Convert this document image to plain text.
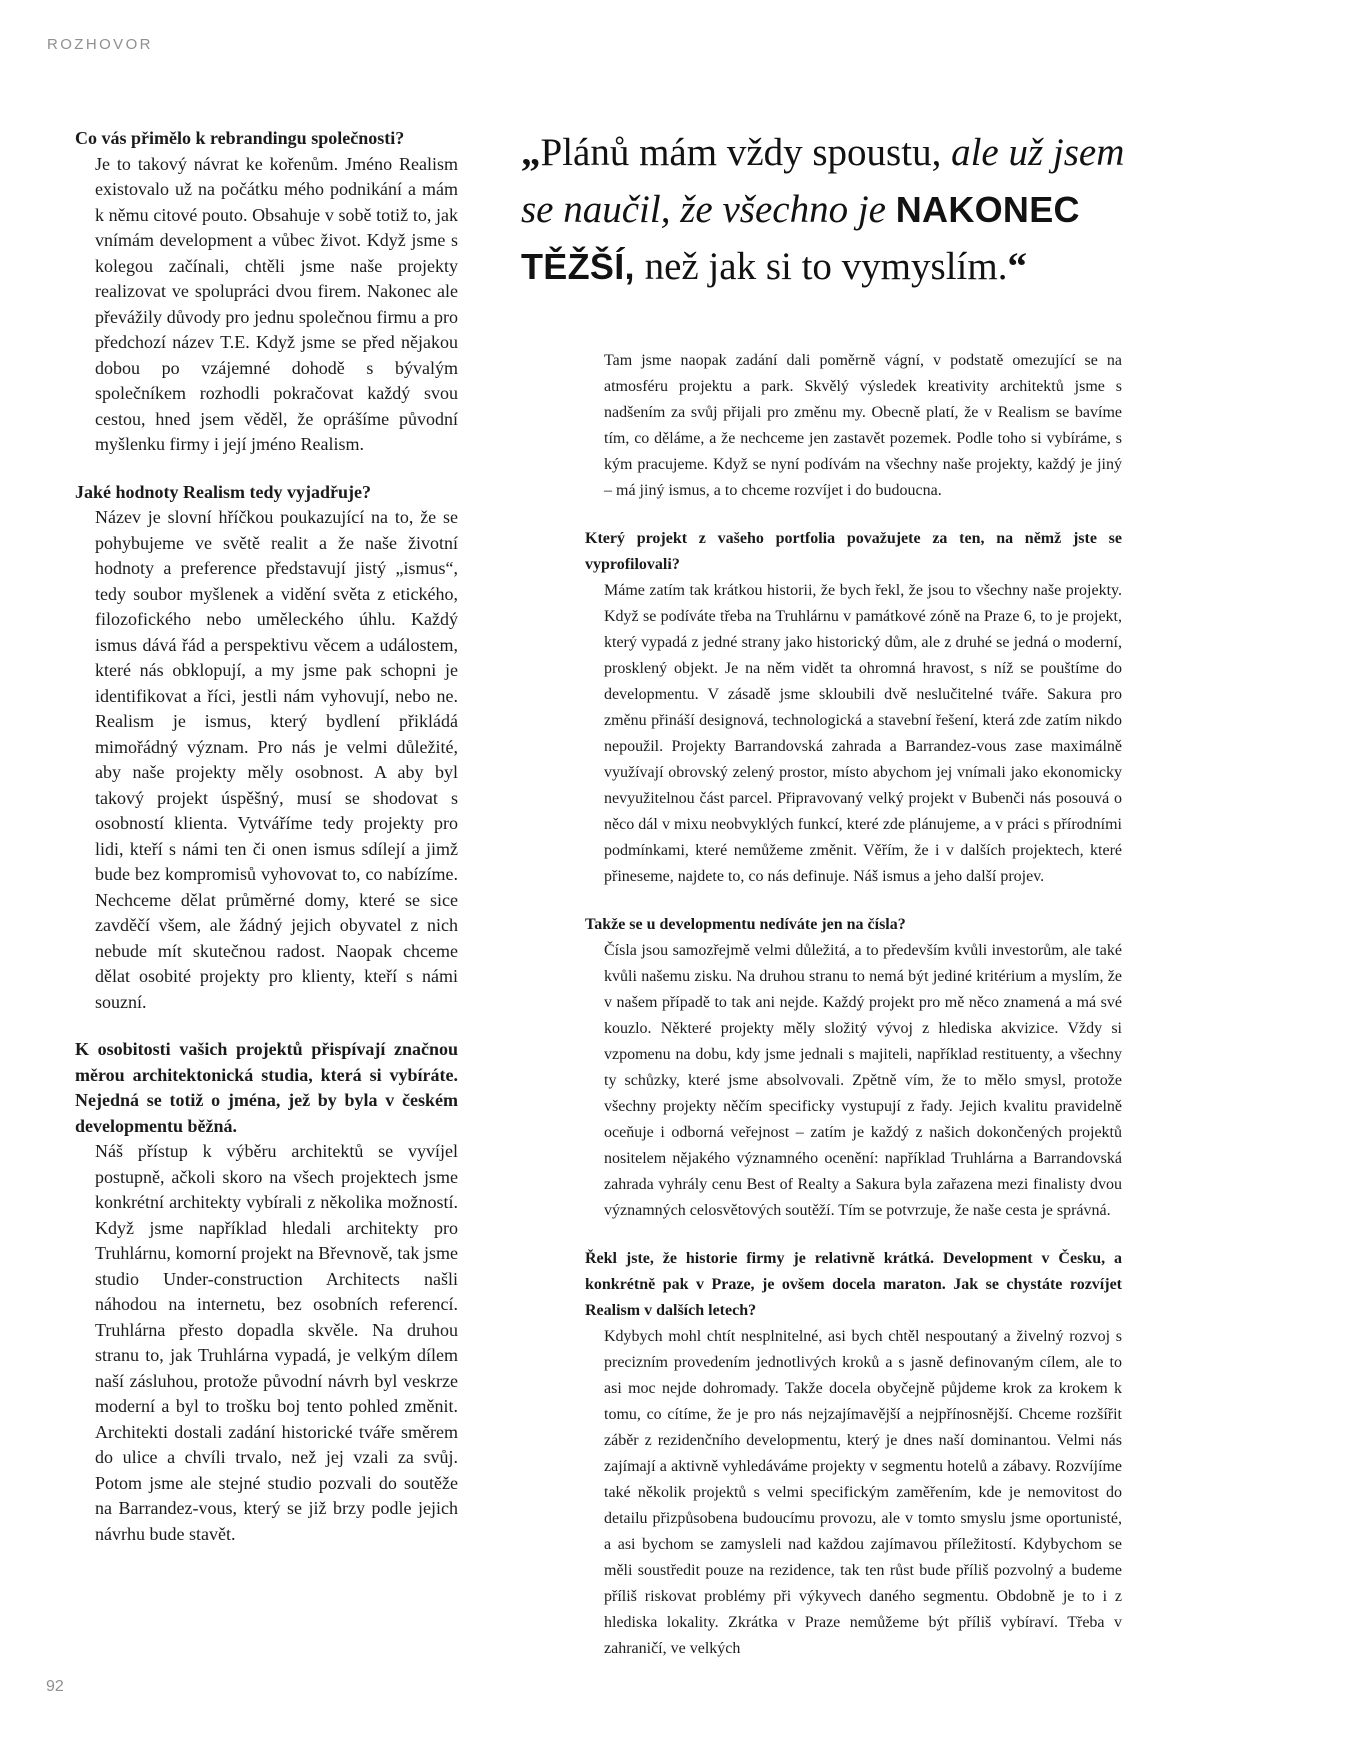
ROZHOVOR
„Plánů mám vždy spoustu, ale už jsem
se naučil, že všechno je NAKONEC
TĚŽŠÍ, než jak si to vymyslím.“

Co vás přimělo k rebrandingu společnosti?

Je to takový návrat ke kořenům. Jméno Realism existovalo už na počátku mého podnikání a mám k němu citové pouto. Obsahuje v sobě totiž to, jak vnímám development a vůbec život. Když jsme s kolegou začínali, chtěli jsme naše projekty realizovat ve spolupráci dvou firem. Nakonec ale převážily důvody pro jednu společnou firmu a pro předchozí název T.E. Když jsme se před nějakou dobou po vzájemné dohodě s bývalým společníkem rozhodli pokračovat každý svou cestou, hned jsem věděl, že oprášíme původní myšlenku firmy i její jméno Realism.

Jaké hodnoty Realism tedy vyjadřuje?

Název je slovní hříčkou poukazující na to, že se pohybujeme ve světě realit a že naše životní hodnoty a preference představují jistý „ismus“, tedy soubor myšlenek a vidění světa z etického, filozofického nebo uměleckého úhlu. Každý ismus dává řád a perspektivu věcem a událostem, které nás obklopují, a my jsme pak schopni je identifikovat a říci, jestli nám vyhovují, nebo ne. Realism je ismus, který bydlení přikládá mimořádný význam. Pro nás je velmi důležité, aby naše projekty měly osobnost. A aby byl takový projekt úspěšný, musí se shodovat s osobností klienta. Vytváříme tedy projekty pro lidi, kteří s námi ten či onen ismus sdílejí a jimž bude bez kompromisů vyhovovat to, co nabízíme. Nechceme dělat průměrné domy, které se sice zavděčí všem, ale žádný jejich obyvatel z nich nebude mít skutečnou radost. Naopak chceme dělat osobité projekty pro klienty, kteří s námi souzní.

K osobitosti vašich projektů přispívají značnou měrou architektonická studia, která si vybíráte. Nejedná se totiž o jména, jež by byla v českém developmentu běžná.

Náš přístup k výběru architektů se vyvíjel postupně, ačkoli skoro na všech projektech jsme konkrétní architekty vybírali z několika možností. Když jsme například hledali architekty pro Truhlárnu, komorní projekt na Břevnově, tak jsme studio Under-construction Architects našli náhodou na internetu, bez osobních referencí. Truhlárna přesto dopadla skvěle. Na druhou stranu to, jak Truhlárna vypadá, je velkým dílem naší zásluhou, protože původní návrh byl veskrze moderní a byl to trošku boj tento pohled změnit. Architekti dostali zadání historické tváře směrem do ulice a chvíli trvalo, než jej vzali za svůj. Potom jsme ale stejné studio pozvali do soutěže na Barrandez-vous, který se již brzy podle jejich návrhu bude stavět.

Tam jsme naopak zadání dali poměrně vágní, v podstatě omezující se na atmosféru projektu a park. Skvělý výsledek kreativity architektů jsme s nadšením za svůj přijali pro změnu my. Obecně platí, že v Realism se bavíme tím, co děláme, a že nechceme jen zastavět pozemek. Podle toho si vybíráme, s kým pracujeme. Když se nyní podívám na všechny naše projekty, každý je jiný – má jiný ismus, a to chceme rozvíjet i do budoucna.

Který projekt z vašeho portfolia považujete za ten, na němž jste se vyprofilovali?

Máme zatím tak krátkou historii, že bych řekl, že jsou to všechny naše projekty. Když se podíváte třeba na Truhlárnu v památkové zóně na Praze 6, to je projekt, který vypadá z jedné strany jako historický dům, ale z druhé se jedná o moderní, prosklený objekt. Je na něm vidět ta ohromná hravost, s níž se pouštíme do developmentu. V zásadě jsme skloubili dvě neslučitelné tváře. Sakura pro změnu přináší designová, technologická a stavební řešení, která zde zatím nikdo nepoužil. Projekty Barrandovská zahrada a Barrandez-vous zase maximálně využívají obrovský zelený prostor, místo abychom jej vnímali jako ekonomicky nevyužitelnou část parcel. Připravovaný velký projekt v Bubenči nás posouvá o něco dál v mixu neobvyklých funkcí, které zde plánujeme, a v práci s přírodními podmínkami, které nemůžeme změnit. Věřím, že i v dalších projektech, které přineseme, najdete to, co nás definuje. Náš ismus a jeho další projev.

Takže se u developmentu nedíváte jen na čísla?

Čísla jsou samozřejmě velmi důležitá, a to především kvůli investorům, ale také kvůli našemu zisku. Na druhou stranu to nemá být jediné kritérium a myslím, že v našem případě to tak ani nejde. Každý projekt pro mě něco znamená a má své kouzlo. Některé projekty měly složitý vývoj z hlediska akvizice. Vždy si vzpomenu na dobu, kdy jsme jednali s majiteli, například restituenty, a všechny ty schůzky, které jsme absolvovali. Zpětně vím, že to mělo smysl, protože všechny projekty něčím specificky vystupují z řady. Jejich kvalitu pravidelně oceňuje i odborná veřejnost – zatím je každý z našich dokončených projektů nositelem nějakého významného ocenění: například Truhlárna a Barrandovská zahrada vyhrály cenu Best of Realty a Sakura byla zařazena mezi finalisty dvou významných celosvětových soutěží. Tím se potvrzuje, že naše cesta je správná.

Řekl jste, že historie firmy je relativně krátká. Development v Česku, a konkrétně pak v Praze, je ovšem docela maraton. Jak se chystáte rozvíjet Realism v dalších letech?

Kdybych mohl chtít nesplnitelné, asi bych chtěl nespoutaný a živelný rozvoj s precizním provedením jednotlivých kroků a s jasně definovaným cílem, ale to asi moc nejde dohromady. Takže docela obyčejně půjdeme krok za krokem k tomu, co cítíme, že je pro nás nejzajímavější a nejpřínosnější. Chceme rozšířit záběr z rezidenčního developmentu, který je dnes naší dominantou. Velmi nás zajímají a aktivně vyhledáváme projekty v segmentu hotelů a zábavy. Rozvíjíme také několik projektů s velmi specifickým zaměřením, kde je nemovitost do detailu přizpůsobena budoucímu provozu, ale v tomto smyslu jsme oportunisté, a asi bychom se zamysleli nad každou zajímavou příležitostí. Kdybychom se měli soustředit pouze na rezidence, tak ten růst bude příliš pozvolný a budeme příliš riskovat problémy při výkyvech daného segmentu. Obdobně je to i z hlediska lokality. Zkrátka v Praze nemůžeme být příliš vybíraví. Třeba v zahraničí, ve velkých

92
